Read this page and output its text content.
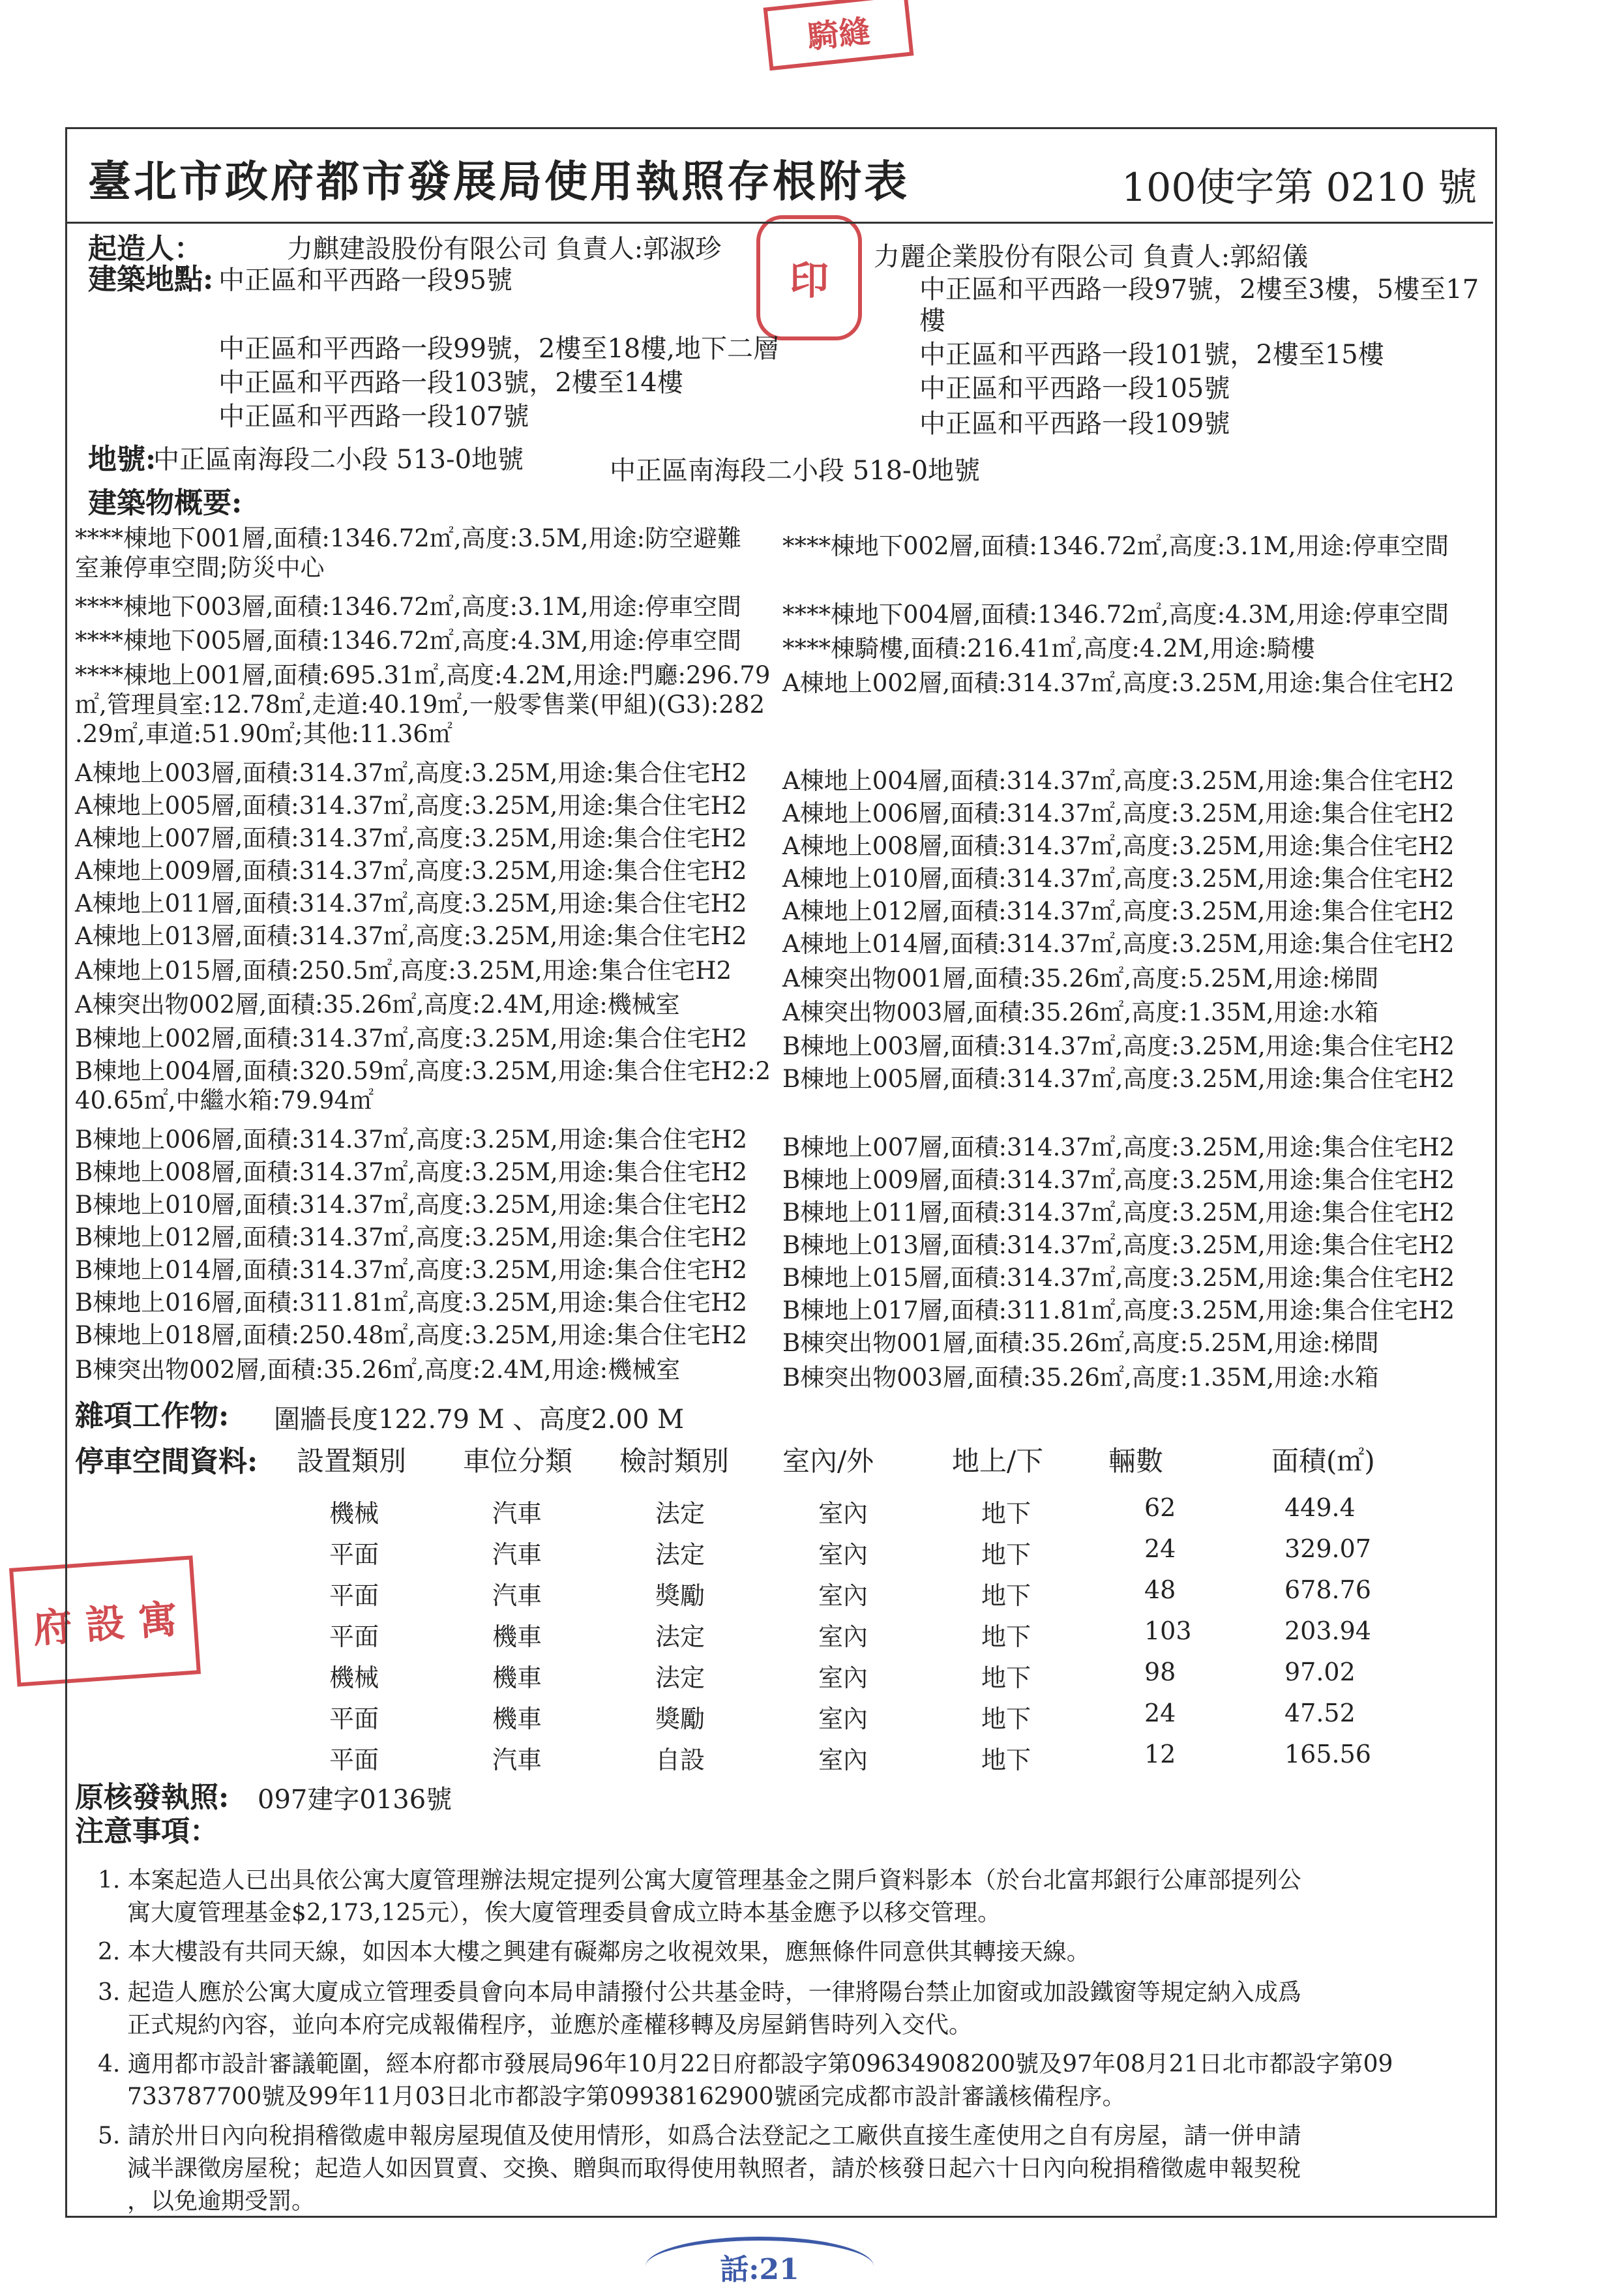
騎縫
印
府 設 寓
話:21
臺北市政府都市發展局使用執照存根附表	100使字第 0210 號
起造人：	力麒建設股份有限公司 負責人:郭淑珍	力麗企業股份有限公司 負責人:郭紹儀
建築地點: 中正區和平西路一段95號
中正區和平西路一段99號，2樓至18樓,地下二層
中正區和平西路一段103號，2樓至14樓
中正區和平西路一段107號
中正區和平西路一段97號，2樓至3樓，5樓至17
樓
中正區和平西路一段101號，2樓至15樓
中正區和平西路一段105號
中正區和平西路一段109號
地號:
中正區南海段二小段 513-0地號	中正區南海段二小段 518-0地號
建築物概要:
****棟地下001層,面積:1346.72㎡,高度:3.5M,用途:防空避難
室兼停車空間;防災中心
****棟地下003層,面積:1346.72㎡,高度:3.1M,用途:停車空間
****棟地下005層,面積:1346.72㎡,高度:4.3M,用途:停車空間
****棟地上001層,面積:695.31㎡,高度:4.2M,用途:門廳:296.79
㎡,管理員室:12.78㎡,走道:40.19㎡,一般零售業(甲組)(G3):282
.29㎡,車道:51.90㎡;其他:11.36㎡
A棟地上003層,面積:314.37㎡,高度:3.25M,用途:集合住宅H2
A棟地上005層,面積:314.37㎡,高度:3.25M,用途:集合住宅H2
A棟地上007層,面積:314.37㎡,高度:3.25M,用途:集合住宅H2
A棟地上009層,面積:314.37㎡,高度:3.25M,用途:集合住宅H2
A棟地上011層,面積:314.37㎡,高度:3.25M,用途:集合住宅H2
A棟地上013層,面積:314.37㎡,高度:3.25M,用途:集合住宅H2
A棟地上015層,面積:250.5㎡,高度:3.25M,用途:集合住宅H2
A棟突出物002層,面積:35.26㎡,高度:2.4M,用途:機械室
B棟地上002層,面積:314.37㎡,高度:3.25M,用途:集合住宅H2
B棟地上004層,面積:320.59㎡,高度:3.25M,用途:集合住宅H2:2
40.65㎡,中繼水箱:79.94㎡
B棟地上006層,面積:314.37㎡,高度:3.25M,用途:集合住宅H2
B棟地上008層,面積:314.37㎡,高度:3.25M,用途:集合住宅H2
B棟地上010層,面積:314.37㎡,高度:3.25M,用途:集合住宅H2
B棟地上012層,面積:314.37㎡,高度:3.25M,用途:集合住宅H2
B棟地上014層,面積:314.37㎡,高度:3.25M,用途:集合住宅H2
B棟地上016層,面積:311.81㎡,高度:3.25M,用途:集合住宅H2
B棟地上018層,面積:250.48㎡,高度:3.25M,用途:集合住宅H2
B棟突出物002層,面積:35.26㎡,高度:2.4M,用途:機械室
****棟地下002層,面積:1346.72㎡,高度:3.1M,用途:停車空間
****棟地下004層,面積:1346.72㎡,高度:4.3M,用途:停車空間
****棟騎樓,面積:216.41㎡,高度:4.2M,用途:騎樓
A棟地上002層,面積:314.37㎡,高度:3.25M,用途:集合住宅H2
A棟地上004層,面積:314.37㎡,高度:3.25M,用途:集合住宅H2
A棟地上006層,面積:314.37㎡,高度:3.25M,用途:集合住宅H2
A棟地上008層,面積:314.37㎡,高度:3.25M,用途:集合住宅H2
A棟地上010層,面積:314.37㎡,高度:3.25M,用途:集合住宅H2
A棟地上012層,面積:314.37㎡,高度:3.25M,用途:集合住宅H2
A棟地上014層,面積:314.37㎡,高度:3.25M,用途:集合住宅H2
A棟突出物001層,面積:35.26㎡,高度:5.25M,用途:梯間
A棟突出物003層,面積:35.26㎡,高度:1.35M,用途:水箱
B棟地上003層,面積:314.37㎡,高度:3.25M,用途:集合住宅H2
B棟地上005層,面積:314.37㎡,高度:3.25M,用途:集合住宅H2
B棟地上007層,面積:314.37㎡,高度:3.25M,用途:集合住宅H2
B棟地上009層,面積:314.37㎡,高度:3.25M,用途:集合住宅H2
B棟地上011層,面積:314.37㎡,高度:3.25M,用途:集合住宅H2
B棟地上013層,面積:314.37㎡,高度:3.25M,用途:集合住宅H2
B棟地上015層,面積:314.37㎡,高度:3.25M,用途:集合住宅H2
B棟地上017層,面積:311.81㎡,高度:3.25M,用途:集合住宅H2
B棟突出物001層,面積:35.26㎡,高度:5.25M,用途:梯間
B棟突出物003層,面積:35.26㎡,高度:1.35M,用途:水箱
雜項工作物: 圍牆長度122.79 M 、高度2.00 M
停車空間資料: 設置類別 車位分類 檢討類別 室內/外	地上/下 輛數	面積(㎡)
機械	汽車	法定	室內	地下	62	449.4
平面	汽車	法定	室內	地下	24	329.07
平面	汽車	獎勵	室內	地下	48	678.76
平面	機車	法定	室內	地下	103	203.94
機械	機車	法定	室內	地下	98	97.02
平面	機車	獎勵	室內	地下	24	47.52
平面	汽車	自設	室內	地下	12	165.56
原核發執照: 097建字0136號
注意事項：
1. 本案起造人已出具依公寓大廈管理辦法規定提列公寓大廈管理基金之開戶資料影本（於台北富邦銀行公庫部提列公
寓大廈管理基金$2,173,125元），俟大廈管理委員會成立時本基金應予以移交管理。
2. 本大樓設有共同天線，如因本大樓之興建有礙鄰房之收視效果，應無條件同意供其轉接天線。
3. 起造人應於公寓大廈成立管理委員會向本局申請撥付公共基金時，一律將陽台禁止加窗或加設鐵窗等規定納入成爲
正式規約內容，並向本府完成報備程序，並應於產權移轉及房屋銷售時列入交代。
4. 適用都市設計審議範圍，經本府都市發展局96年10月22日府都設字第09634908200號及97年08月21日北市都設字第09
733787700號及99年11月03日北市都設字第09938162900號函完成都市設計審議核備程序。
5. 請於卅日內向稅捐稽徵處申報房屋現值及使用情形，如爲合法登記之工廠供直接生產使用之自有房屋，請一併申請
減半課徵房屋稅；起造人如因買賣、交換、贈與而取得使用執照者，請於核發日起六十日內向稅捐稽徵處申報契稅
，以免逾期受罰。
